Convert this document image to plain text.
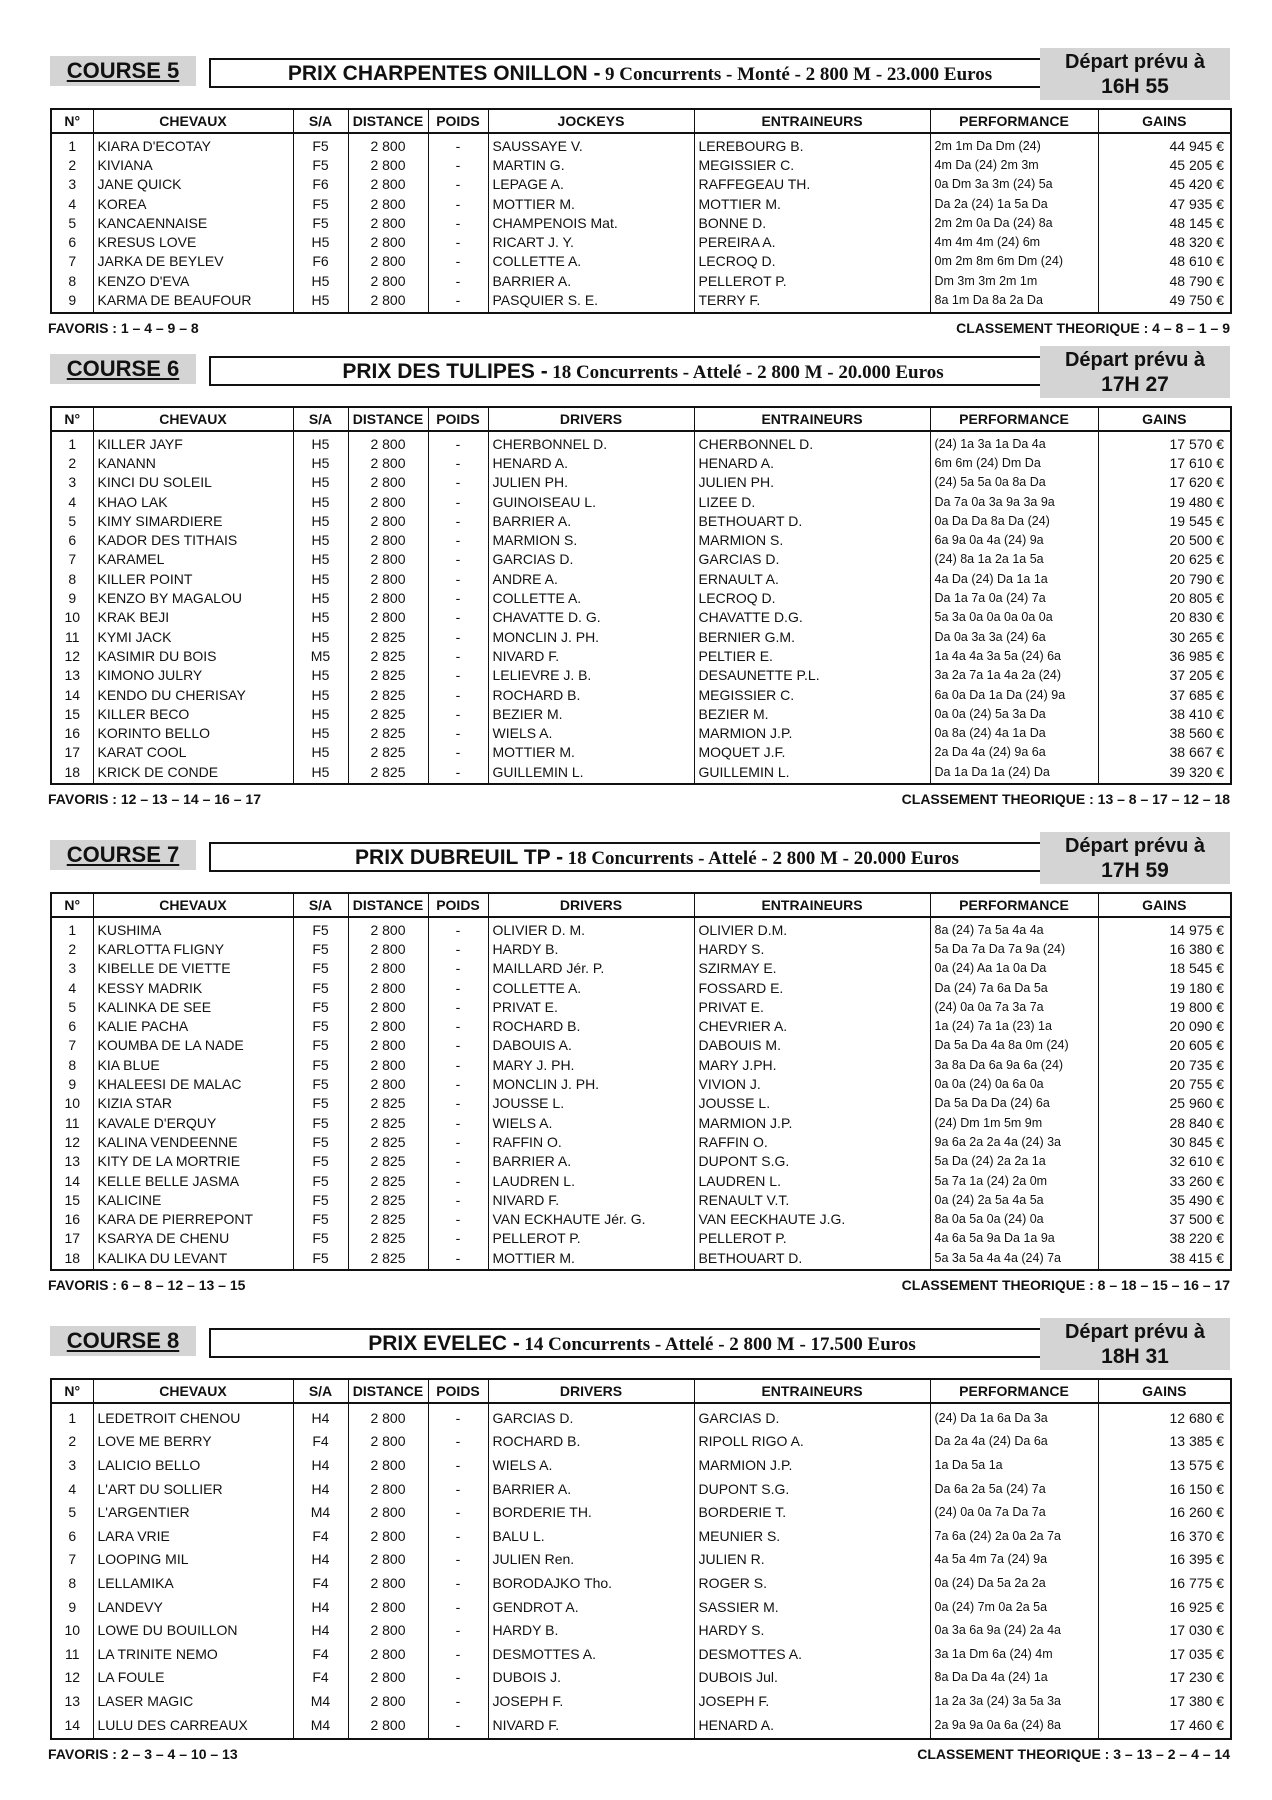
COURSE 5	PRIX CHARPENTES ONILLON - 9 Concurrents - Monté - 2 800 M - 23.000 Euros
Départ prévu à
16H 55
N°	CHEVAUX	S/A	DISTANCE	POIDS	JOCKEYS	ENTRAINEURS	PERFORMANCE	GAINS
1	KIARA D'ECOTAY	F5	2 800	-	SAUSSAYE V.	LEREBOURG B.	2m 1m Da Dm (24)	44 945 €
2	KIVIANA	F5	2 800	-	MARTIN G.	MEGISSIER C.	4m Da (24) 2m 3m	45 205 €
3	JANE QUICK	F6	2 800	-	LEPAGE A.	RAFFEGEAU TH.	0a Dm 3a 3m (24) 5a	45 420 €
4	KOREA	F5	2 800	-	MOTTIER M.	MOTTIER M.	Da 2a (24) 1a 5a Da	47 935 €
5	KANCAENNAISE	F5	2 800	-	CHAMPENOIS Mat.	BONNE D.	2m 2m 0a Da (24) 8a	48 145 €
6	KRESUS LOVE	H5	2 800	-	RICART J. Y.	PEREIRA A.	4m 4m 4m (24) 6m	48 320 €
7	JARKA DE BEYLEV	F6	2 800	-	COLLETTE A.	LECROQ D.	0m 2m 8m 6m Dm (24)	48 610 €
8	KENZO D'EVA	H5	2 800	-	BARRIER A.	PELLEROT P.	Dm 3m 3m 2m 1m	48 790 €
9	KARMA DE BEAUFOUR	H5	2 800	-	PASQUIER S. E.	TERRY F.	8a 1m Da 8a 2a Da	49 750 €
FAVORIS : 1 – 4 – 9 – 8	CLASSEMENT THEORIQUE : 4 – 8 – 1 – 9
COURSE 6	PRIX DES TULIPES - 18 Concurrents - Attelé - 2 800 M - 20.000 Euros
Départ prévu à
17H 27
N°	CHEVAUX	S/A	DISTANCE	POIDS	DRIVERS	ENTRAINEURS	PERFORMANCE	GAINS
1	KILLER JAYF	H5	2 800	-	CHERBONNEL D.	CHERBONNEL D.	(24) 1a 3a 1a Da 4a	17 570 €
2	KANANN	H5	2 800	-	HENARD A.	HENARD A.	6m 6m (24) Dm Da	17 610 €
3	KINCI DU SOLEIL	H5	2 800	-	JULIEN PH.	JULIEN PH.	(24) 5a 5a 0a 8a Da	17 620 €
4	KHAO LAK	H5	2 800	-	GUINOISEAU L.	LIZEE D.	Da 7a 0a 3a 9a 3a 9a	19 480 €
5	KIMY SIMARDIERE	H5	2 800	-	BARRIER A.	BETHOUART D.	0a Da Da 8a Da (24)	19 545 €
6	KADOR DES TITHAIS	H5	2 800	-	MARMION S.	MARMION S.	6a 9a 0a 4a (24) 9a	20 500 €
7	KARAMEL	H5	2 800	-	GARCIAS D.	GARCIAS D.	(24) 8a 1a 2a 1a 5a	20 625 €
8	KILLER POINT	H5	2 800	-	ANDRE A.	ERNAULT A.	4a Da (24) Da 1a 1a	20 790 €
9	KENZO BY MAGALOU	H5	2 800	-	COLLETTE A.	LECROQ D.	Da 1a 7a 0a (24) 7a	20 805 €
10	KRAK BEJI	H5	2 800	-	CHAVATTE D. G.	CHAVATTE D.G.	5a 3a 0a 0a 0a 0a 0a	20 830 €
11	KYMI JACK	H5	2 825	-	MONCLIN J. PH.	BERNIER G.M.	Da 0a 3a 3a (24) 6a	30 265 €
12	KASIMIR DU BOIS	M5	2 825	-	NIVARD F.	PELTIER E.	1a 4a 4a 3a 5a (24) 6a	36 985 €
13	KIMONO JULRY	H5	2 825	-	LELIEVRE J. B.	DESAUNETTE P.L.	3a 2a 7a 1a 4a 2a (24)	37 205 €
14	KENDO DU CHERISAY	H5	2 825	-	ROCHARD B.	MEGISSIER C.	6a 0a Da 1a Da (24) 9a	37 685 €
15	KILLER BECO	H5	2 825	-	BEZIER M.	BEZIER M.	0a 0a (24) 5a 3a Da	38 410 €
16	KORINTO BELLO	H5	2 825	-	WIELS A.	MARMION J.P.	0a 8a (24) 4a 1a Da	38 560 €
17	KARAT COOL	H5	2 825	-	MOTTIER M.	MOQUET J.F.	2a Da 4a (24) 9a 6a	38 667 €
18	KRICK DE CONDE	H5	2 825	-	GUILLEMIN L.	GUILLEMIN L.	Da 1a Da 1a (24) Da	39 320 €
FAVORIS : 12 – 13 – 14 – 16 – 17	CLASSEMENT THEORIQUE : 13 – 8 – 17 – 12 – 18
COURSE 7	PRIX DUBREUIL TP - 18 Concurrents - Attelé - 2 800 M - 20.000 Euros
Départ prévu à
17H 59
N°	CHEVAUX	S/A	DISTANCE	POIDS	DRIVERS	ENTRAINEURS	PERFORMANCE	GAINS
1	KUSHIMA	F5	2 800	-	OLIVIER D. M.	OLIVIER D.M.	8a (24) 7a 5a 4a 4a	14 975 €
2	KARLOTTA FLIGNY	F5	2 800	-	HARDY B.	HARDY S.	5a Da 7a Da 7a 9a (24)	16 380 €
3	KIBELLE DE VIETTE	F5	2 800	-	MAILLARD Jér. P.	SZIRMAY E.	0a (24) Aa 1a 0a Da	18 545 €
4	KESSY MADRIK	F5	2 800	-	COLLETTE A.	FOSSARD E.	Da (24) 7a 6a Da 5a	19 180 €
5	KALINKA DE SEE	F5	2 800	-	PRIVAT E.	PRIVAT E.	(24) 0a 0a 7a 3a 7a	19 800 €
6	KALIE PACHA	F5	2 800	-	ROCHARD B.	CHEVRIER A.	1a (24) 7a 1a (23) 1a	20 090 €
7	KOUMBA DE LA NADE	F5	2 800	-	DABOUIS A.	DABOUIS M.	Da 5a Da 4a 8a 0m (24)	20 605 €
8	KIA BLUE	F5	2 800	-	MARY J. PH.	MARY J.PH.	3a 8a Da 6a 9a 6a (24)	20 735 €
9	KHALEESI DE MALAC	F5	2 800	-	MONCLIN J. PH.	VIVION J.	0a 0a (24) 0a 6a 0a	20 755 €
10	KIZIA STAR	F5	2 825	-	JOUSSE L.	JOUSSE L.	Da 5a Da Da (24) 6a	25 960 €
11	KAVALE D'ERQUY	F5	2 825	-	WIELS A.	MARMION J.P.	(24) Dm 1m 5m 9m	28 840 €
12	KALINA VENDEENNE	F5	2 825	-	RAFFIN O.	RAFFIN O.	9a 6a 2a 2a 4a (24) 3a	30 845 €
13	KITY DE LA MORTRIE	F5	2 825	-	BARRIER A.	DUPONT S.G.	5a Da (24) 2a 2a 1a	32 610 €
14	KELLE BELLE JASMA	F5	2 825	-	LAUDREN L.	LAUDREN L.	5a 7a 1a (24) 2a 0m	33 260 €
15	KALICINE	F5	2 825	-	NIVARD F.	RENAULT V.T.	0a (24) 2a 5a 4a 5a	35 490 €
16	KARA DE PIERREPONT	F5	2 825	-	VAN ECKHAUTE Jér. G.	VAN EECKHAUTE J.G.	8a 0a 5a 0a (24) 0a	37 500 €
17	KSARYA DE CHENU	F5	2 825	-	PELLEROT P.	PELLEROT P.	4a 6a 5a 9a Da 1a 9a	38 220 €
18	KALIKA DU LEVANT	F5	2 825	-	MOTTIER M.	BETHOUART D.	5a 3a 5a 4a 4a (24) 7a	38 415 €
FAVORIS : 6 – 8 – 12 – 13 – 15	CLASSEMENT THEORIQUE : 8 – 18 – 15 – 16 – 17
COURSE 8	PRIX EVELEC - 14 Concurrents - Attelé - 2 800 M - 17.500 Euros
Départ prévu à
18H 31
N°	CHEVAUX	S/A	DISTANCE	POIDS	DRIVERS	ENTRAINEURS	PERFORMANCE	GAINS
1	LEDETROIT CHENOU	H4	2 800	-	GARCIAS D.	GARCIAS D.	(24) Da 1a 6a Da 3a	12 680 €
2	LOVE ME BERRY	F4	2 800	-	ROCHARD B.	RIPOLL RIGO A.	Da 2a 4a (24) Da 6a	13 385 €
3	LALICIO BELLO	H4	2 800	-	WIELS A.	MARMION J.P.	1a Da 5a 1a	13 575 €
4	L'ART DU SOLLIER	H4	2 800	-	BARRIER A.	DUPONT S.G.	Da 6a 2a 5a (24) 7a	16 150 €
5	L'ARGENTIER	M4	2 800	-	BORDERIE TH.	BORDERIE T.	(24) 0a 0a 7a Da 7a	16 260 €
6	LARA VRIE	F4	2 800	-	BALU L.	MEUNIER S.	7a 6a (24) 2a 0a 2a 7a	16 370 €
7	LOOPING MIL	H4	2 800	-	JULIEN Ren.	JULIEN R.	4a 5a 4m 7a (24) 9a	16 395 €
8	LELLAMIKA	F4	2 800	-	BORODAJKO Tho.	ROGER S.	0a (24) Da 5a 2a 2a	16 775 €
9	LANDEVY	H4	2 800	-	GENDROT A.	SASSIER M.	0a (24) 7m 0a 2a 5a	16 925 €
10	LOWE DU BOUILLON	H4	2 800	-	HARDY B.	HARDY S.	0a 3a 6a 9a (24) 2a 4a	17 030 €
11	LA TRINITE NEMO	F4	2 800	-	DESMOTTES A.	DESMOTTES A.	3a 1a Dm 6a (24) 4m	17 035 €
12	LA FOULE	F4	2 800	-	DUBOIS J.	DUBOIS Jul.	8a Da Da 4a (24) 1a	17 230 €
13	LASER MAGIC	M4	2 800	-	JOSEPH F.	JOSEPH F.	1a 2a 3a (24) 3a 5a 3a	17 380 €
14	LULU DES CARREAUX	M4	2 800	-	NIVARD F.	HENARD A.	2a 9a 9a 0a 6a (24) 8a	17 460 €
FAVORIS : 2 – 3 – 4 – 10 – 13	CLASSEMENT THEORIQUE : 3 – 13 – 2 – 4 – 14
